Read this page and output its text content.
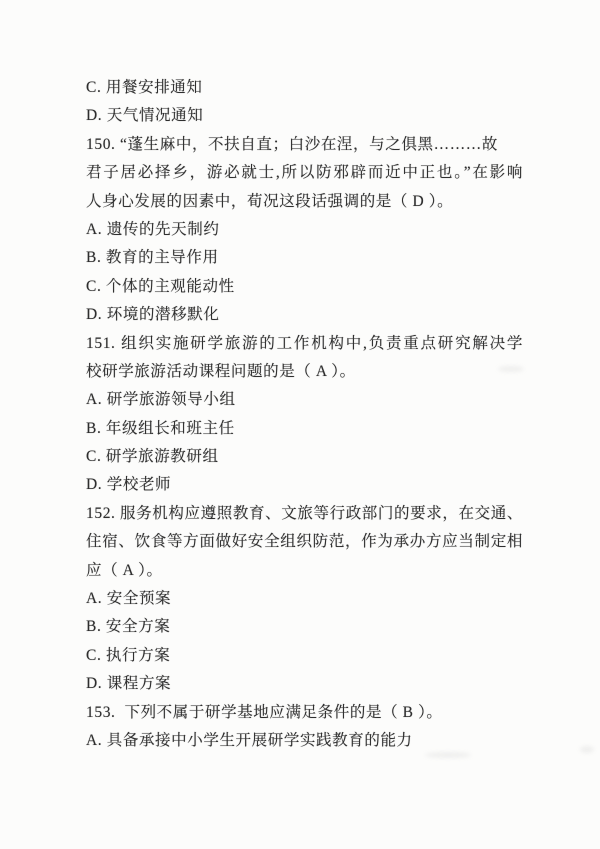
C. 用餐安排通知
D. 天气情况通知
150. “蓬生麻中，不扶自直；白沙在涅，与之俱黑………故
君子居必择乡，游必就士,所以防邪辟而近中正也。”在影响
人身心发展的因素中，荀况这段话强调的是（ D ）。
A. 遗传的先天制约
B. 教育的主导作用
C. 个体的主观能动性
D. 环境的潜移默化
151. 组织实施研学旅游的工作机构中,负责重点研究解决学
校研学旅游活动课程问题的是（ A ）。
A. 研学旅游领导小组
B. 年级组长和班主任
C. 研学旅游教研组
D. 学校老师
152. 服务机构应遵照教育、文旅等行政部门的要求，在交通、
住宿、饮食等方面做好安全组织防范，作为承办方应当制定相
应（ A ）。
A. 安全预案
B. 安全方案
C. 执行方案
D. 课程方案
153.  下列不属于研学基地应满足条件的是（ B ）。
A. 具备承接中小学生开展研学实践教育的能力
